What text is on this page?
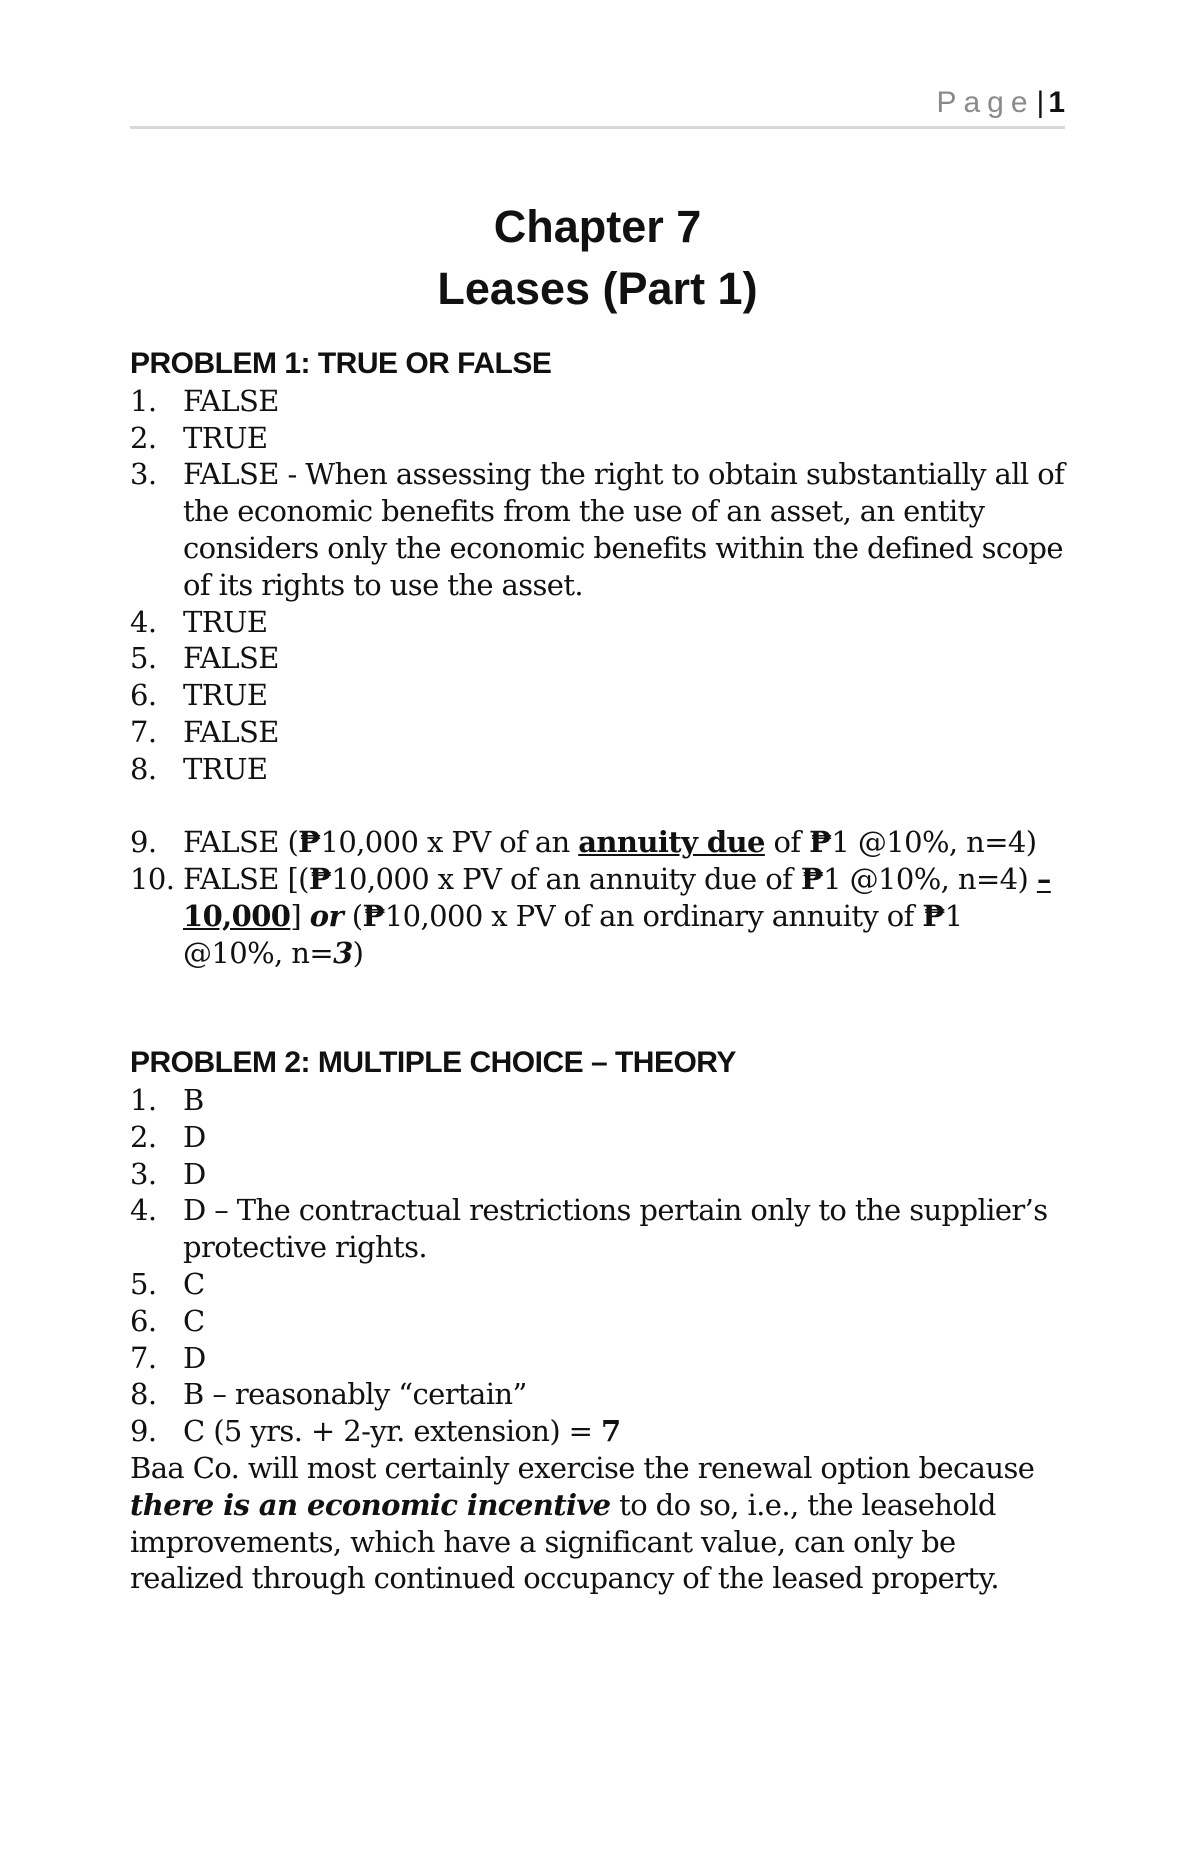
Page| 1
Chapter 7
Leases (Part 1)
PROBLEM 1: TRUE OR FALSE
1. FALSE
2. TRUE
3. FALSE - When assessing the right to obtain substantially all of the economic benefits from the use of an asset, an entity considers only the economic benefits within the defined scope of its rights to use the asset.
4. TRUE
5. FALSE
6. TRUE
7. FALSE
8. TRUE
9. FALSE (₱10,000 x PV of an annuity due of ₱1 @10%, n=4)
10. FALSE [(₱10,000 x PV of an annuity due of ₱1 @10%, n=4) – 10,000] or (₱10,000 x PV of an ordinary annuity of ₱1 @10%, n=3)
PROBLEM 2: MULTIPLE CHOICE – THEORY
1. B
2. D
3. D
4. D – The contractual restrictions pertain only to the supplier’s protective rights.
5. C
6. C
7. D
8. B – reasonably “certain”
9. C (5 yrs. + 2-yr. extension) = 7

Baa Co. will most certainly exercise the renewal option because there is an economic incentive to do so, i.e., the leasehold improvements, which have a significant value, can only be realized through continued occupancy of the leased property.
